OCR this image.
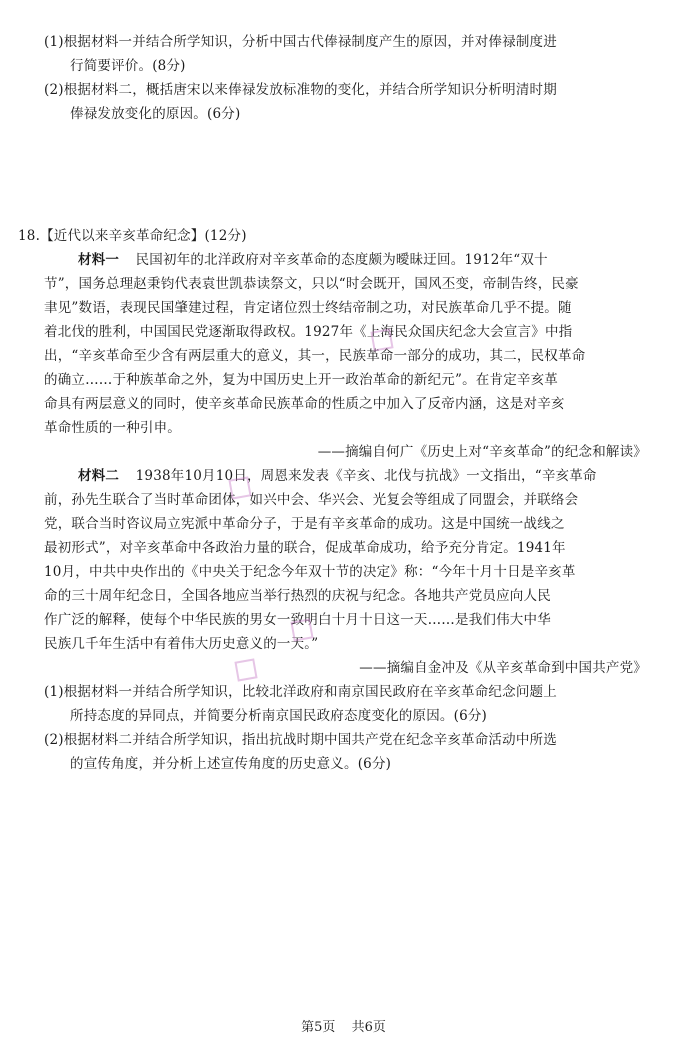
(1)根据材料一并结合所学知识，分析中国古代俸禄制度产生的原因，并对俸禄制度进
行简要评价。(8分)
(2)根据材料二，概括唐宋以来俸禄发放标准物的变化，并结合所学知识分析明清时期
俸禄发放变化的原因。(6分)
18.【近代以来辛亥革命纪念】(12分)
材料一 民国初年的北洋政府对辛亥革命的态度颇为曖昧迂回。1912年“双十
节”，国务总理赵秉钧代表袁世凯恭读祭文，只以“时会既开，国风丕变，帝制告终，民豪
聿见”数语，表现民国肇建过程，肯定诸位烈士终结帝制之功，对民族革命几乎不提。随
着北伐的胜利，中国国民党逐渐取得政权。1927年《上海民众国庆纪念大会宣言》中指
出，“辛亥革命至少含有两层重大的意义，其一，民族革命一部分的成功，其二，民权革命
的确立……于种族革命之外，复为中国历史上开一政治革命的新纪元”。在肯定辛亥革
命具有两层意义的同时，使辛亥革命民族革命的性质之中加入了反帝内涵，这是对辛亥
革命性质的一种引申。
——摘编自何广《历史上对“辛亥革命”的纪念和解读》
材料二 1938年10月10日，周恩来发表《辛亥、北伐与抗战》一文指出，“辛亥革命
前，孙先生联合了当时革命团体，如兴中会、华兴会、光复会等组成了同盟会，并联络会
党，联合当时咨议局立宪派中革命分子，于是有辛亥革命的成功。这是中国统一战线之
最初形式”，对辛亥革命中各政治力量的联合，促成革命成功，给予充分肯定。1941年
10月，中共中央作出的《中央关于纪念今年双十节的决定》称：“今年十月十日是辛亥革
命的三十周年纪念日，全国各地应当举行热烈的庆祝与纪念。各地共产党员应向人民
作广泛的解释，使每个中华民族的男女一致明白十月十日这一天……是我们伟大中华
民族几千年生活中有着伟大历史意义的一天。”
——摘编自金冲及《从辛亥革命到中国共产党》
(1)根据材料一并结合所学知识，比较北洋政府和南京国民政府在辛亥革命纪念问题上
所持态度的异同点，并简要分析南京国民政府态度变化的原因。(6分)
(2)根据材料二并结合所学知识，指出抗战时期中国共产党在纪念辛亥革命活动中所选
的宣传角度，并分析上述宣传角度的历史意义。(6分)
第5页 共6页
